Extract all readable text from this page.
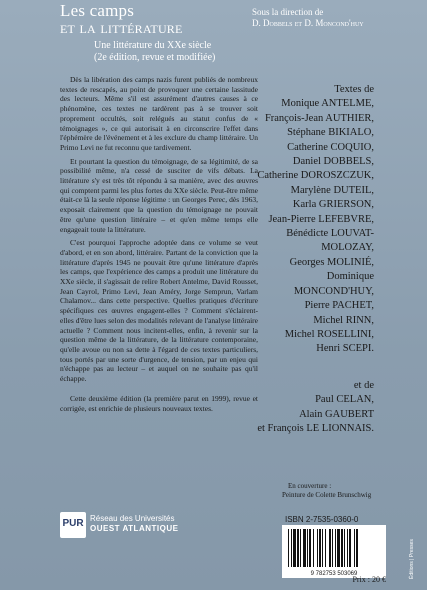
Les camps
et la littérature
Une littérature du XXe siècle
(2e édition, revue et modifiée)
Sous la direction de
D. Dobbels et D. Moncond'huy

Dès la libération des camps nazis furent publiés de nombreux textes de rescapés, au point de provoquer une certaine lassitude des lecteurs. Même s'il est assurément d'autres causes à ce phénomène, ces textes ne tardèrent pas à se trouver soit proprement occultés, soit relégués au statut confus de « témoignages », ce qui autorisait à en circonscrire l'effet dans l'éphémère de l'événement et à les exclure du champ littéraire. Un Primo Levi ne fut reconnu que tardivement.

Et pourtant la question du témoignage, de sa légitimité, de sa possibilité même, n'a cessé de susciter de vifs débats. La littérature s'y est très tôt répondu à sa manière, avec des œuvres qui comptent parmi les plus fortes du XXe siècle. Peut-être même était-ce là la seule réponse légitime : un Georges Perec, dès 1963, exposait clairement que la question du témoignage ne pouvait être qu'une question littéraire – et qu'en même temps elle engageait toute la littérature.

C'est pourquoi l'approche adoptée dans ce volume se veut d'abord, et en son abord, littéraire. Partant de la conviction que la littérature d'après 1945 ne pouvait être qu'une littérature d'après les camps, que l'expérience des camps a produit une littérature du XXe siècle, il s'agissait de relire Robert Antelme, David Rousset, Jean Cayrol, Primo Levi, Jean Améry, Jorge Semprun, Varlam Chalamov... dans cette perspective. Quelles pratiques d'écriture spécifiques ces œuvres engagent-elles ? Comment s'éclairent-elles d'être lues selon des modalités relevant de l'analyse littéraire actuelle ? Comment nous incitent-elles, enfin, à revenir sur la question même de la littérature, de la littérature contemporaine, qu'elle avoue ou non sa dette à l'égard de ces textes particuliers, tous portés par une sorte d'urgence, de tension, par un enjeu qui n'échappe pas au lecteur – et auquel on ne souhaite pas qu'il échappe.

Cette deuxième édition (la première parut en 1999), revue et corrigée, est enrichie de plusieurs nouveaux textes.

Textes de
Monique ANTELME,
François-Jean AUTHIER,
Stéphane BIKIALO,
Catherine COQUIO,
Daniel DOBBELS,
Catherine DOROSZCZUK,
Marylène DUTEIL,
Karla GRIERSON,
Jean-Pierre LEFEBVRE,
Bénédicte LOUVAT-MOLOZAY,
Georges MOLINIÉ,
Dominique MONCOND'HUY,
Pierre PACHET,
Michel RINN,
Michel ROSELLINI,
Henri SCEPI.
et de
Paul CELAN,
Alain GAUBERT
et François LE LIONNAIS.
En couverture :
Peinture de Colette Brunschwig
PUR Réseau des Universités
OUEST ATLANTIQUE
ISBN 2-7535-0360-0
9 782753 503069
Prix : 20 €
Éditions | Presses
